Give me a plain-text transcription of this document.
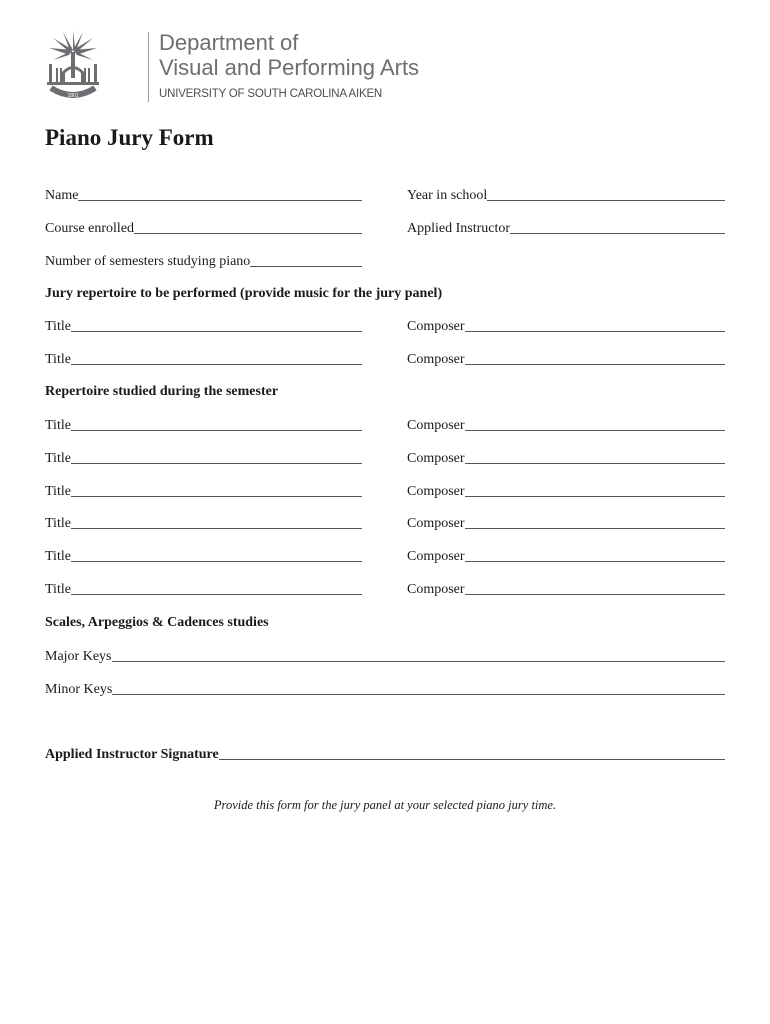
1801
Department of
Visual and Performing Arts
UNIVERSITY OF SOUTH CAROLINA AIKEN
Piano Jury Form
Name	Year in school
Course enrolled	Applied Instructor
Number of semesters studying piano
Jury repertoire to be performed (provide music for the jury panel)
Title	Composer
Title	Composer
Repertoire studied during the semester
Title	Composer
Title	Composer
Title	Composer
Title	Composer
Title	Composer
Title	Composer
Scales, Arpeggios & Cadences studies
Major Keys
Minor Keys
Applied Instructor Signature
Provide this form for the jury panel at your selected piano jury time.
